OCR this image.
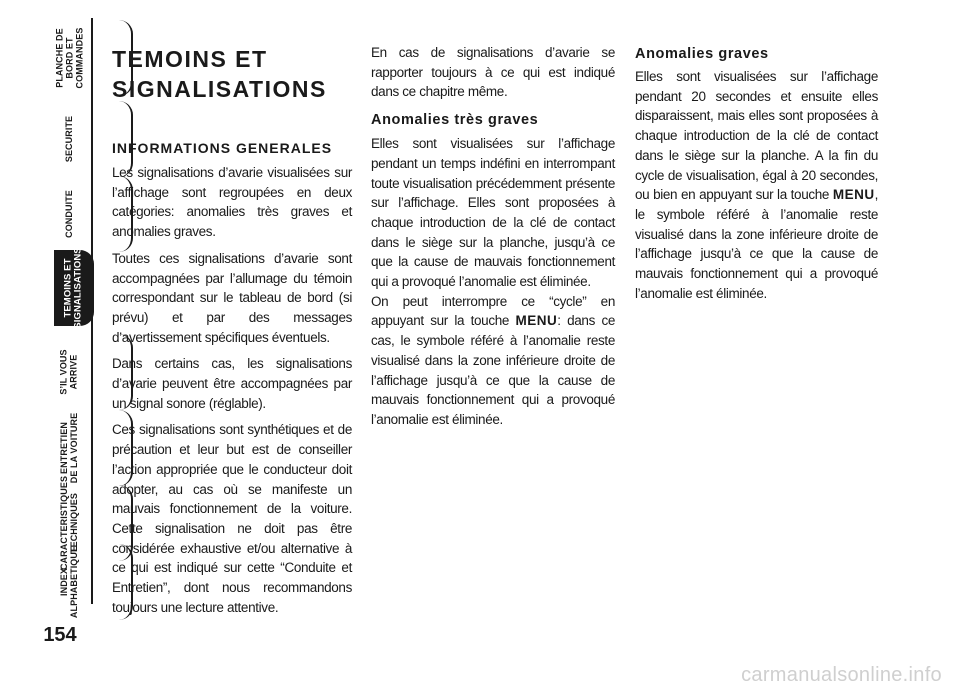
PLANCHE DE
BORD ET
COMMANDES
SECURITE
CONDUITE
TEMOINS ET
SIGNALISATIONS
S’IL VOUS
ARRIVE
ENTRETIEN
DE LA VOITURE
CARACTERISTIQUES
TECHNIQUES
INDEX
ALPHABETIQUE
154
TEMOINS ET
SIGNALISATIONS
INFORMATIONS GENERALES

Les signalisations d’avarie visualisées sur l’affichage sont regroupées en deux catégories: anomalies très graves et anomalies graves.

Toutes ces signalisations d’avarie sont accompagnées par l’allumage du témoin correspondant sur le tableau de bord (si prévu) et par des messages d’avertissement spécifiques éventuels.

Dans certains cas, les signalisations d’avarie peuvent être accompagnées par un signal sonore (réglable).

Ces signalisations sont synthétiques et de précaution et leur but est de conseiller l’action appropriée que le conducteur doit adopter, au cas où se manifeste un mauvais fonctionnement de la voiture. Cette signalisation ne doit pas être considérée exhaustive et/ou alternative à ce qui est indiqué sur cette “Conduite et Entretien”, dont nous recommandons toujours une lecture attentive.

En cas de signalisations d’avarie se rapporter toujours à ce qui est indiqué dans ce chapitre même.

Anomalies très graves

Elles sont visualisées sur l’affichage pendant un temps indéfini en interrompant toute visualisation précédemment présente sur l’affichage. Elles sont proposées à chaque introduction de la clé de contact dans le siège sur la planche, jusqu’à ce que la cause de mauvais fonctionnement qui a provoqué l’anomalie est éliminée.

On peut interrompre ce “cycle” en appuyant sur la touche MENU: dans ce cas, le symbole référé à l’anomalie reste visualisé dans la zone inférieure droite de l’affichage jusqu’à ce que la cause de mauvais fonctionnement qui a provoqué l’anomalie est éliminée.

Anomalies graves

Elles sont visualisées sur l’affichage pendant 20 secondes et ensuite elles disparaissent, mais elles sont proposées à chaque introduction de la clé de contact dans le siège sur la planche. A la fin du cycle de visualisation, égal à 20 secondes, ou bien en appuyant sur la touche MENU, le symbole référé à l’anomalie reste visualisé dans la zone inférieure droite de l’affichage jusqu’à ce que la cause de mauvais fonctionnement qui a provoqué l’anomalie est éliminée.

carmanualsonline.info
